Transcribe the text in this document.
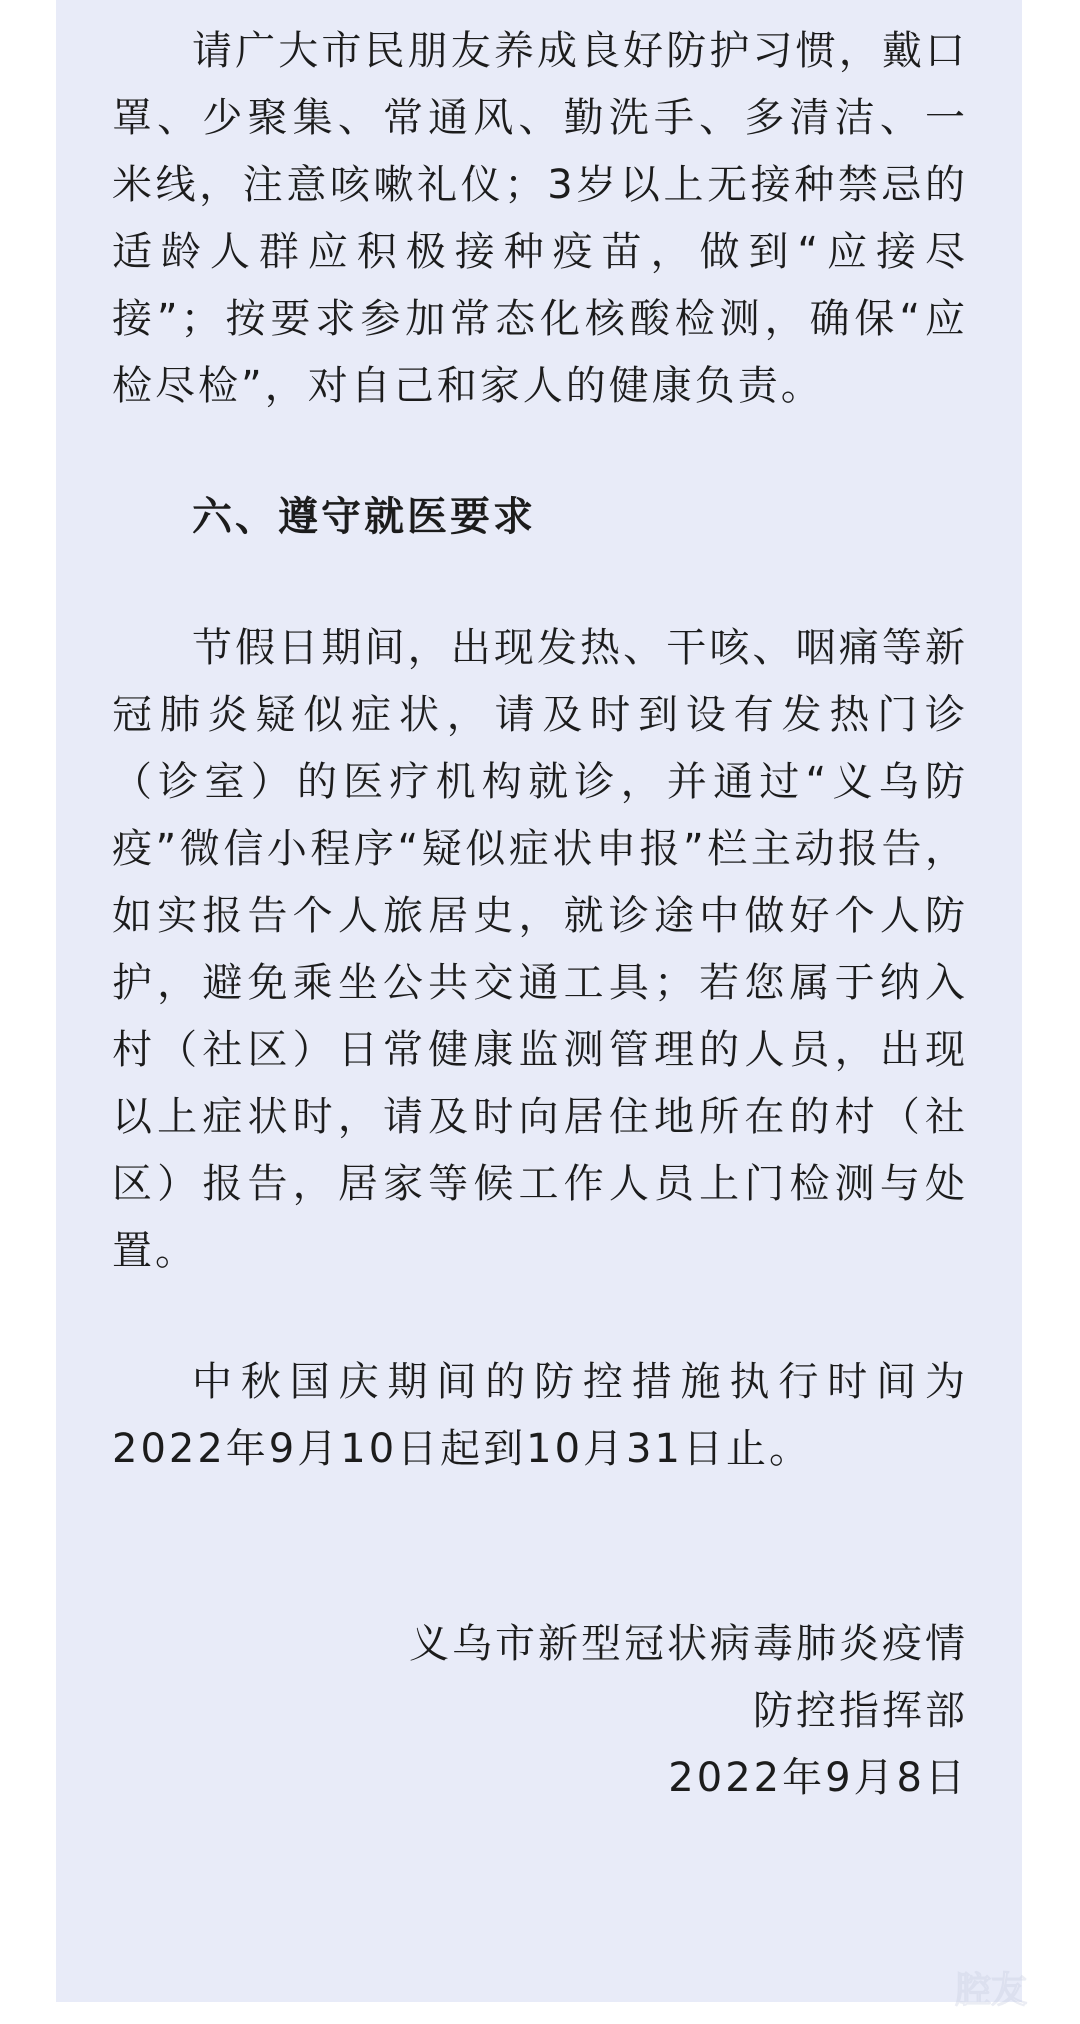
请广大市民朋友养成良好防护习惯，戴口罩、少聚集、常通风、勤洗手、多清洁、一米线，注意咳嗽礼仪；3岁以上无接种禁忌的适龄人群应积极接种疫苗，做到“应接尽接”；按要求参加常态化核酸检测，确保“应检尽检”，对自己和家人的健康负责。

六、遵守就医要求

节假日期间，出现发热、干咳、咽痛等新冠肺炎疑似症状，请及时到设有发热门诊（诊室）的医疗机构就诊，并通过“义乌防疫”微信小程序“疑似症状申报”栏主动报告，如实报告个人旅居史，就诊途中做好个人防护，避免乘坐公共交通工具；若您属于纳入村（社区）日常健康监测管理的人员，出现以上症状时，请及时向居住地所在的村（社区）报告，居家等候工作人员上门检测与处置。

中秋国庆期间的防控措施执行时间为2022年9月10日起到10月31日止。

义乌市新型冠状病毒肺炎疫情
防控指挥部
2022年9月8日
腔友
